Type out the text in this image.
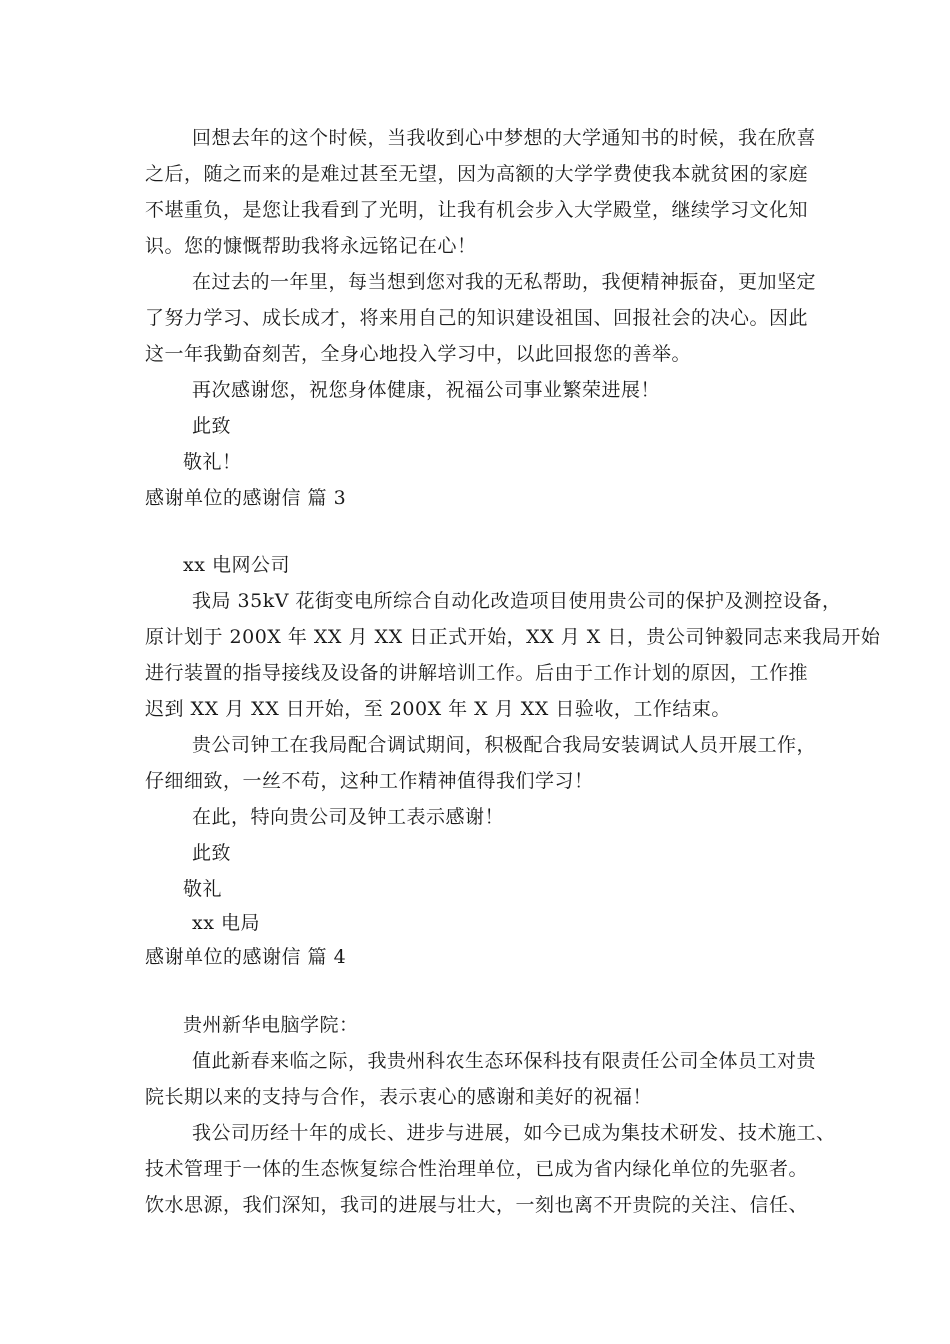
回想去年的这个时候，当我收到心中梦想的大学通知书的时候，我在欣喜
之后，随之而来的是难过甚至无望，因为高额的大学学费使我本就贫困的家庭
不堪重负，是您让我看到了光明，让我有机会步入大学殿堂，继续学习文化知
识。您的慷慨帮助我将永远铭记在心！
在过去的一年里，每当想到您对我的无私帮助，我便精神振奋，更加坚定
了努力学习、成长成才，将来用自己的知识建设祖国、回报社会的决心。因此
这一年我勤奋刻苦，全身心地投入学习中，以此回报您的善举。
再次感谢您，祝您身体健康，祝福公司事业繁荣进展！
此致
敬礼！
感谢单位的感谢信 篇 3
xx 电网公司
我局 35kV 花街变电所综合自动化改造项目使用贵公司的保护及测控设备，
原计划于 200X 年 XX 月 XX 日正式开始，XX 月 X 日，贵公司钟毅同志来我局开始
进行装置的指导接线及设备的讲解培训工作。后由于工作计划的原因，工作推
迟到 XX 月 XX 日开始，至 200X 年 X 月 XX 日验收，工作结束。
贵公司钟工在我局配合调试期间，积极配合我局安装调试人员开展工作，
仔细细致，一丝不苟，这种工作精神值得我们学习！
在此，特向贵公司及钟工表示感谢！
此致
敬礼
xx 电局
感谢单位的感谢信 篇 4
贵州新华电脑学院：
值此新春来临之际，我贵州科农生态环保科技有限责任公司全体员工对贵
院长期以来的支持与合作，表示衷心的感谢和美好的祝福！
我公司历经十年的成长、进步与进展，如今已成为集技术研发、技术施工、
技术管理于一体的生态恢复综合性治理单位，已成为省内绿化单位的先驱者。
饮水思源，我们深知，我司的进展与壮大，一刻也离不开贵院的关注、信任、
